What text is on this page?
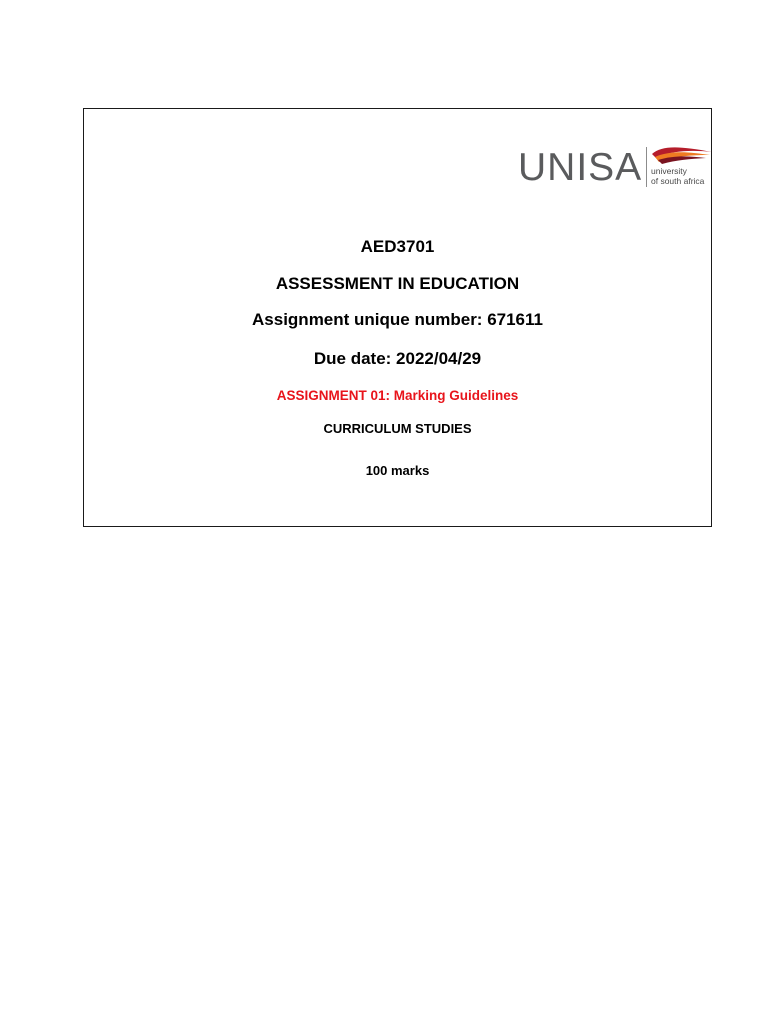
UNISA university
of south africa
AED3701
ASSESSMENT IN EDUCATION
Assignment unique number: 671611
Due date: 2022/04/29
ASSIGNMENT 01: Marking Guidelines
CURRICULUM STUDIES
100 marks
